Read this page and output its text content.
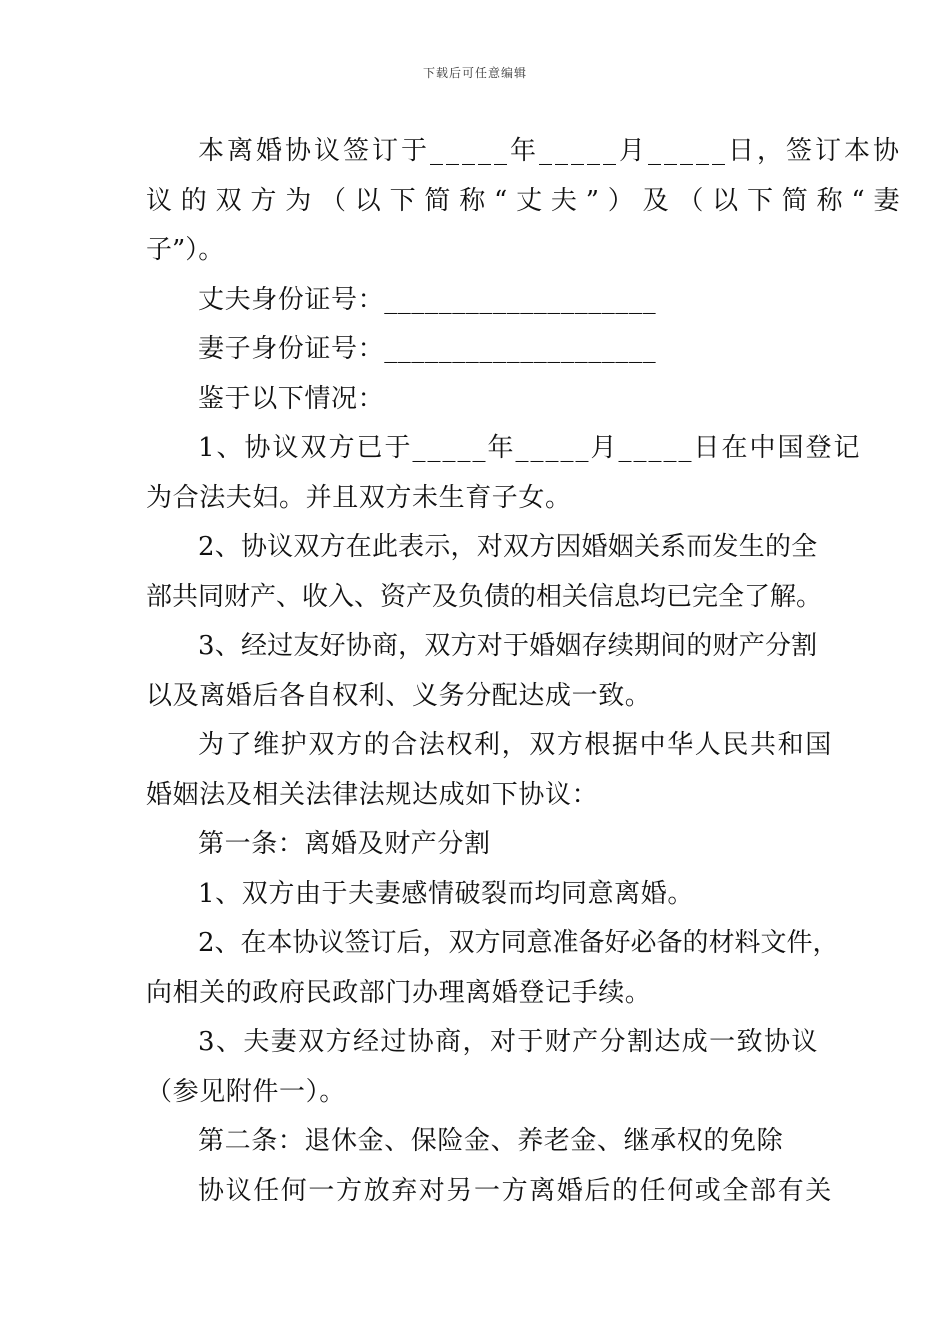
下载后可任意编辑

本离婚协议签订于_____年_____月_____日，签订本协

议的双方为（以下简称“丈夫”）及（以下简称“妻

子”）。

丈夫身份证号：____________________

妻子身份证号：____________________

鉴于以下情况：

1、协议双方已于_____年_____月_____日在中国登记

为合法夫妇。并且双方未生育子女。

2、协议双方在此表示，对双方因婚姻关系而发生的全

部共同财产、收入、资产及负债的相关信息均已完全了解。

3、经过友好协商，双方对于婚姻存续期间的财产分割

以及离婚后各自权利、义务分配达成一致。

为了维护双方的合法权利，双方根据中华人民共和国

婚姻法及相关法律法规达成如下协议：

第一条：离婚及财产分割

1、双方由于夫妻感情破裂而均同意离婚。

2、在本协议签订后，双方同意准备好必备的材料文件，

向相关的政府民政部门办理离婚登记手续。

3、夫妻双方经过协商，对于财产分割达成一致协议

（参见附件一）。

第二条：退休金、保险金、养老金、继承权的免除

协议任何一方放弃对另一方离婚后的任何或全部有关
